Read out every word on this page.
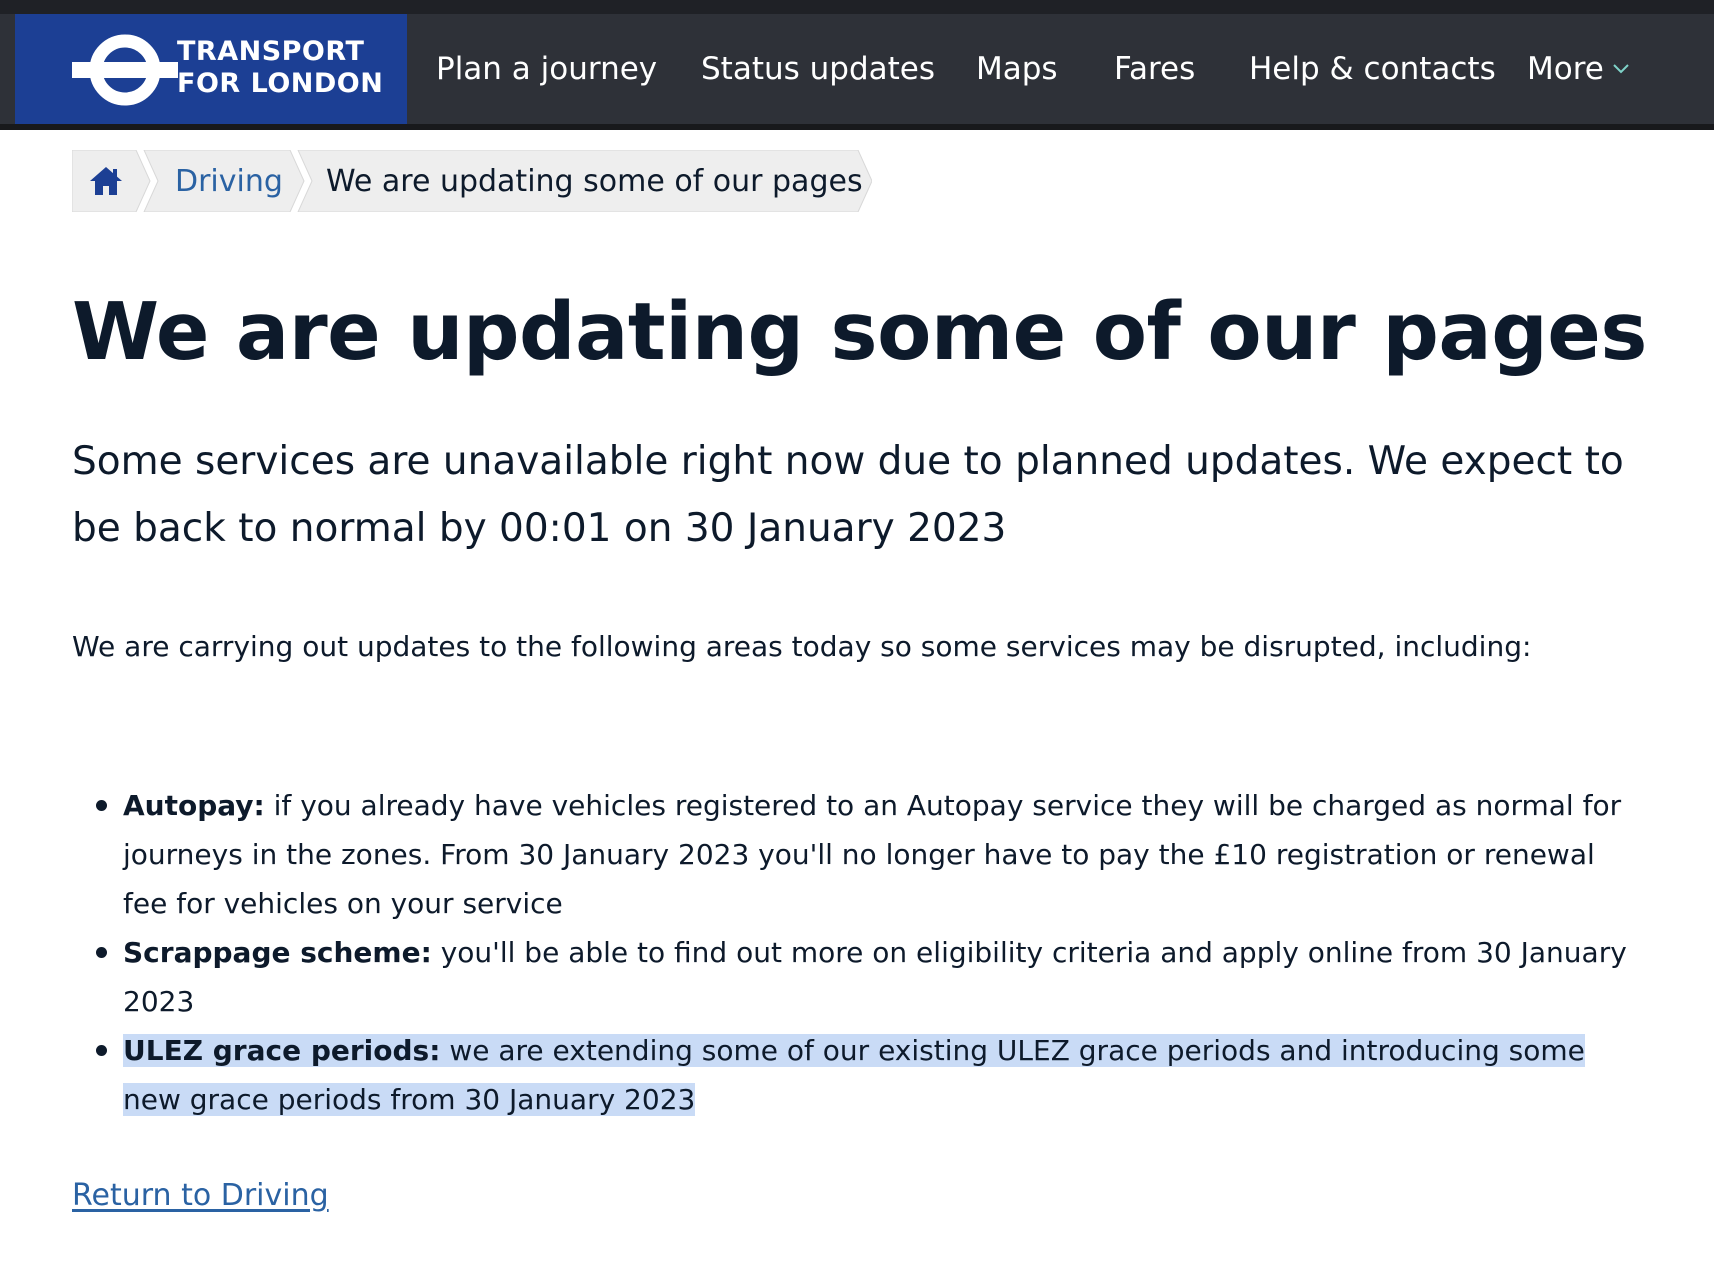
TRANSPORT
FOR LONDON Plan a journey Status updates Maps Fares Help & contacts More
Driving We are updating some of our pages
We are updating some of our pages

Some services are unavailable right now due to planned updates. We expect to be back to normal by 00:01 on 30 January 2023

We are carrying out updates to the following areas today so some services may be disrupted, including:

Autopay: if you already have vehicles registered to an Autopay service they will be charged as normal for journeys in the zones. From 30 January 2023 you'll no longer have to pay the £10 registration or renewal fee for vehicles on your service
Scrappage scheme: you'll be able to find out more on eligibility criteria and apply online from 30 January 2023
ULEZ grace periods: we are extending some of our existing ULEZ grace periods and introducing some new grace periods from 30 January 2023
Return to Driving
